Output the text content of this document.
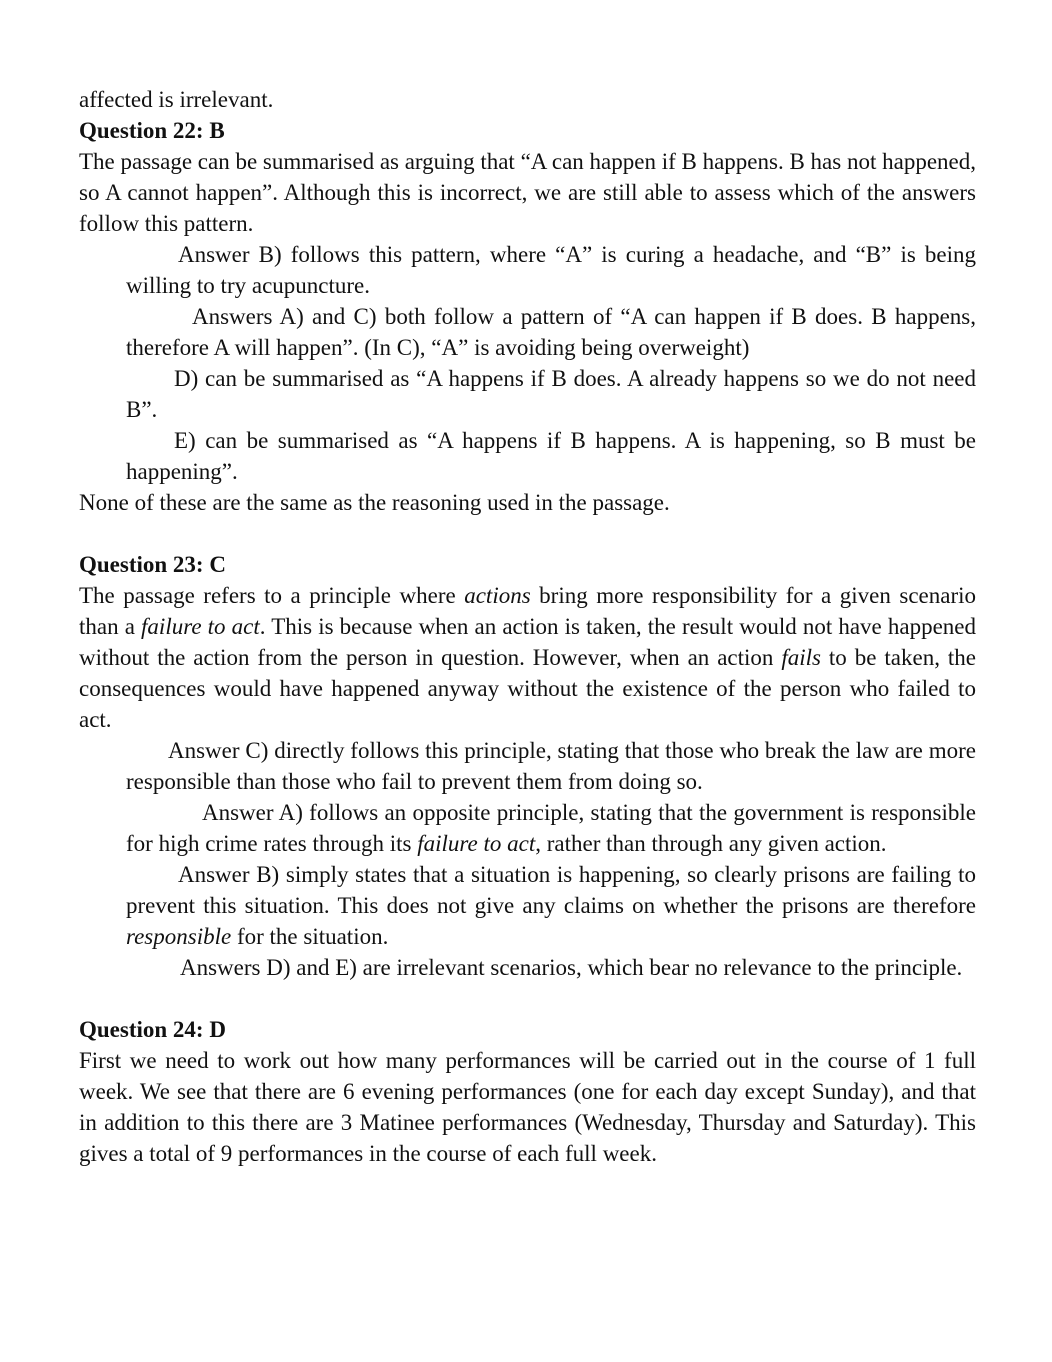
affected is irrelevant.

Question 22: B

The passage can be summarised as arguing that “A can happen if B happens. B has not happened, so A cannot happen”. Although this is incorrect, we are still able to assess which of the answers follow this pattern.

Answer B) follows this pattern, where “A” is curing a headache, and “B” is being willing to try acupuncture.

Answers A) and C) both follow a pattern of “A can happen if B does. B happens, therefore A will happen”. (In C), “A” is avoiding being overweight)

D) can be summarised as “A happens if B does. A already happens so we do not need B”.

E) can be summarised as “A happens if B happens. A is happening, so B must be happening”.

None of these are the same as the reasoning used in the passage.

Question 23: C

The passage refers to a principle where actions bring more responsibility for a given scenario than a failure to act. This is because when an action is taken, the result would not have happened without the action from the person in question. However, when an action fails to be taken, the consequences would have happened anyway without the existence of the person who failed to act.

Answer C) directly follows this principle, stating that those who break the law are more responsible than those who fail to prevent them from doing so.

Answer A) follows an opposite principle, stating that the government is responsible for high crime rates through its failure to act, rather than through any given action.

Answer B) simply states that a situation is happening, so clearly prisons are failing to prevent this situation. This does not give any claims on whether the prisons are therefore responsible for the situation.

Answers D) and E) are irrelevant scenarios, which bear no relevance to the principle.

Question 24: D

First we need to work out how many performances will be carried out in the course of 1 full week. We see that there are 6 evening performances (one for each day except Sunday), and that in addition to this there are 3 Matinee performances (Wednesday, Thursday and Saturday). This gives a total of 9 performances in the course of each full week.
